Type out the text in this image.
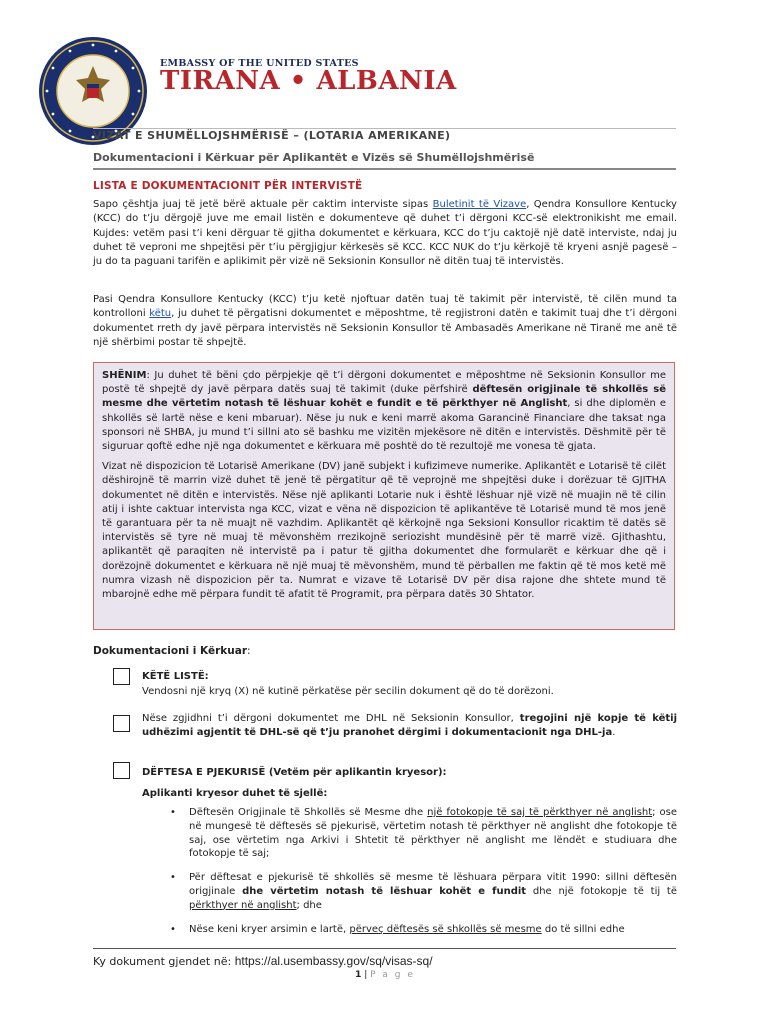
EMBASSY OF THE UNITED STATES
TIRANA • ALBANIA
VIZAT E SHUMËLLOJSHMËRISË – (LOTARIA AMERIKANE)
Dokumentacioni i Kërkuar për Aplikantët e Vizës së Shumëllojshmërisë
LISTA E DOKUMENTACIONIT PËR INTERVISTË
Sapo çështja juaj të jetë bërë aktuale për caktim interviste sipas Buletinit të Vizave, Qendra Konsullore Kentucky (KCC) do t’ju dërgojë juve me email listën e dokumenteve që duhet t’i dërgoni KCC-së elektronikisht me email. Kujdes: vetëm pasi t’i keni dërguar të gjitha dokumentet e kërkuara, KCC do t’ju caktojë një datë interviste, ndaj ju duhet të veproni me shpejtësi për t’iu përgjigjur kërkesës së KCC. KCC NUK do t’ju kërkojë të kryeni asnjë pagesë – ju do ta paguani tarifën e aplikimit për vizë në Seksionin Konsullor në ditën tuaj të intervistës.
Pasi Qendra Konsullore Kentucky (KCC) t’ju ketë njoftuar datën tuaj të takimit për intervistë, të cilën mund ta kontrolloni këtu, ju duhet të përgatisni dokumentet e mëposhtme, të regjistroni datën e takimit tuaj dhe t’i dërgoni dokumentet rreth dy javë përpara intervistës në Seksionin Konsullor të Ambasadës Amerikane në Tiranë me anë të një shërbimi postar të shpejtë.

SHËNIM: Ju duhet të bëni çdo përpjekje që t’i dërgoni dokumentet e mëposhtme në Seksionin Konsullor me postë të shpejtë dy javë përpara datës suaj të takimit (duke përfshirë dëftesën origjinale të shkollës së mesme dhe vërtetim notash të lëshuar kohët e fundit e të përkthyer në Anglisht, si dhe diplomën e shkollës së lartë nëse e keni mbaruar). Nëse ju nuk e keni marrë akoma Garancinë Financiare dhe taksat nga sponsori në SHBA, ju mund t’i sillni ato së bashku me vizitën mjekësore në ditën e intervistës. Dëshmitë për të siguruar qoftë edhe një nga dokumentet e kërkuara më poshtë do të rezultojë me vonesa të gjata.

Vizat në dispozicion të Lotarisë Amerikane (DV) janë subjekt i kufizimeve numerike. Aplikantët e Lotarisë të cilët dëshirojnë të marrin vizë duhet të jenë të përgatitur që të veprojnë me shpejtësi duke i dorëzuar të GJITHA dokumentet në ditën e intervistës. Nëse një aplikanti Lotarie nuk i është lëshuar një vizë në muajin në të cilin atij i ishte caktuar intervista nga KCC, vizat e vëna në dispozicion të aplikantëve të Lotarisë mund të mos jenë të garantuara për ta në muajt në vazhdim. Aplikantët që kërkojnë nga Seksioni Konsullor ricaktim të datës së intervistës së tyre në muaj të mëvonshëm rrezikojnë seriozisht mundësinë për të marrë vizë. Gjithashtu, aplikantët që paraqiten në intervistë pa i patur të gjitha dokumentet dhe formularët e kërkuar dhe që i dorëzojnë dokumentet e kërkuara në një muaj të mëvonshëm, mund të përballen me faktin që të mos ketë më numra vizash në dispozicion për ta. Numrat e vizave të Lotarisë DV për disa rajone dhe shtete mund të mbarojnë edhe më përpara fundit të afatit të Programit, pra përpara datës 30 Shtator.

Dokumentacioni i Kërkuar:
KËTË LISTË:
Vendosni një kryq (X) në kutinë përkatëse për secilin dokument që do të dorëzoni.
Nëse zgjidhni t’i dërgoni dokumentet me DHL në Seksionin Konsullor, tregojini një kopje të këtij udhëzimi agjentit të DHL-së që t’ju pranohet dërgimi i dokumentacionit nga DHL-ja.
DËFTESA E PJEKURISË (Vetëm për aplikantin kryesor):
Aplikanti kryesor duhet të sjellë:
• Dëftesën Origjinale të Shkollës së Mesme dhe një fotokopje të saj të përkthyer në anglisht; ose në mungesë të dëftesës së pjekurisë, vërtetim notash të përkthyer në anglisht dhe fotokopje të saj, ose vërtetim nga Arkivi i Shtetit të përkthyer në anglisht me lëndët e studiuara dhe fotokopje të saj;
• Për dëftesat e pjekurisë të shkollës së mesme të lëshuara përpara vitit 1990: sillni dëftesën origjinale dhe vërtetim notash të lëshuar kohët e fundit dhe një fotokopje të tij të përkthyer në anglisht; dhe
• Nëse keni kryer arsimin e lartë, përveç dëftesës së shkollës së mesme do të sillni edhe
Ky dokument gjendet në: https://al.usembassy.gov/sq/visas-sq/
1 | P a g e
